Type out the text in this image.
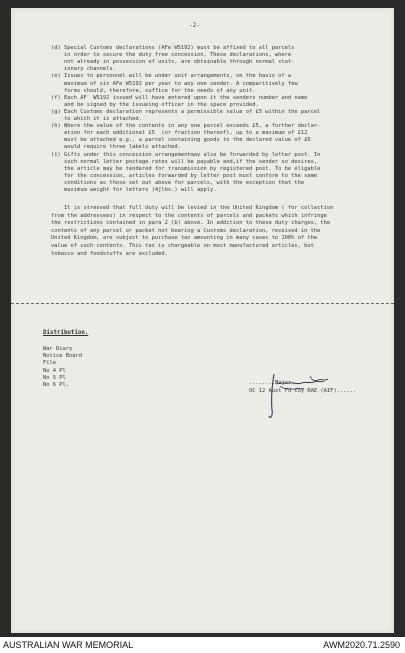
-2-
(d) Special Customs declarations (AFe W5192) must be affixed to all parcels
in order to secure the duty free concession. These declarations, where
not already in possession of units, are obtainable through normal stat-
ionary channels.
(e) Issues to personnel will be under unit arrangements, on the basis of a
maximum of six AFe W5192 per year to any one sender. A comparitively few
forms should, therefore, suffice for the needs of any unit.
(f) Each AF  W5192 issued will have entered upon it the senders number and name
and be signed by the issueing officer in the space provided.
(g) Each Customs declaration represents a permissible value of £5 within the parcel
to which it is attached.
(h) Where the value of the contents in any one parcel exceeds £5, a further declar-
ation for each additional £5  (or fraction thereof), up to a maximum of £12
must be attached e.g., a parcel containing goods to the declared value of £6
would require three labels attached.
(i) Gifts under this concession arrangementmay also be forwarded by letter post. In
such normal letter postage rates will be payable and,if the sender so desires,
the article may be tendered for transmission by registered post. To be eligable
for the concession, articles forwarded by letter post must conform to the same
conditions as those set out above for parcels, with the exception that the
maximum weight for letters (4jlbs.) will apply.
It is stressed that full duty will be levied in the United Kingdom ( for collection
from the addressees) in respect to the contents of parcels and packets which infringe
the restrictions contained in para 2 (b) above. In addition to these duty charges, the
contents of any parcel or packet not bearing a Customs declaration, received in the
United Kingdom, are subject to purchase tax amounting in many cases to 100% of the
value of such contents. This tax is chargeable on most manufactured articles, but
tobacco and foodstuffs are excluded.
Distribution.
War Diary
Notice Board
File
No 4 Pl
No 5 Pl
No 6 Pl.	........Major.
OC 12 Aust Fd Coy RAE (AIF)......
AUSTRALIAN WAR MEMORIAL	AWM2020.71.2590
